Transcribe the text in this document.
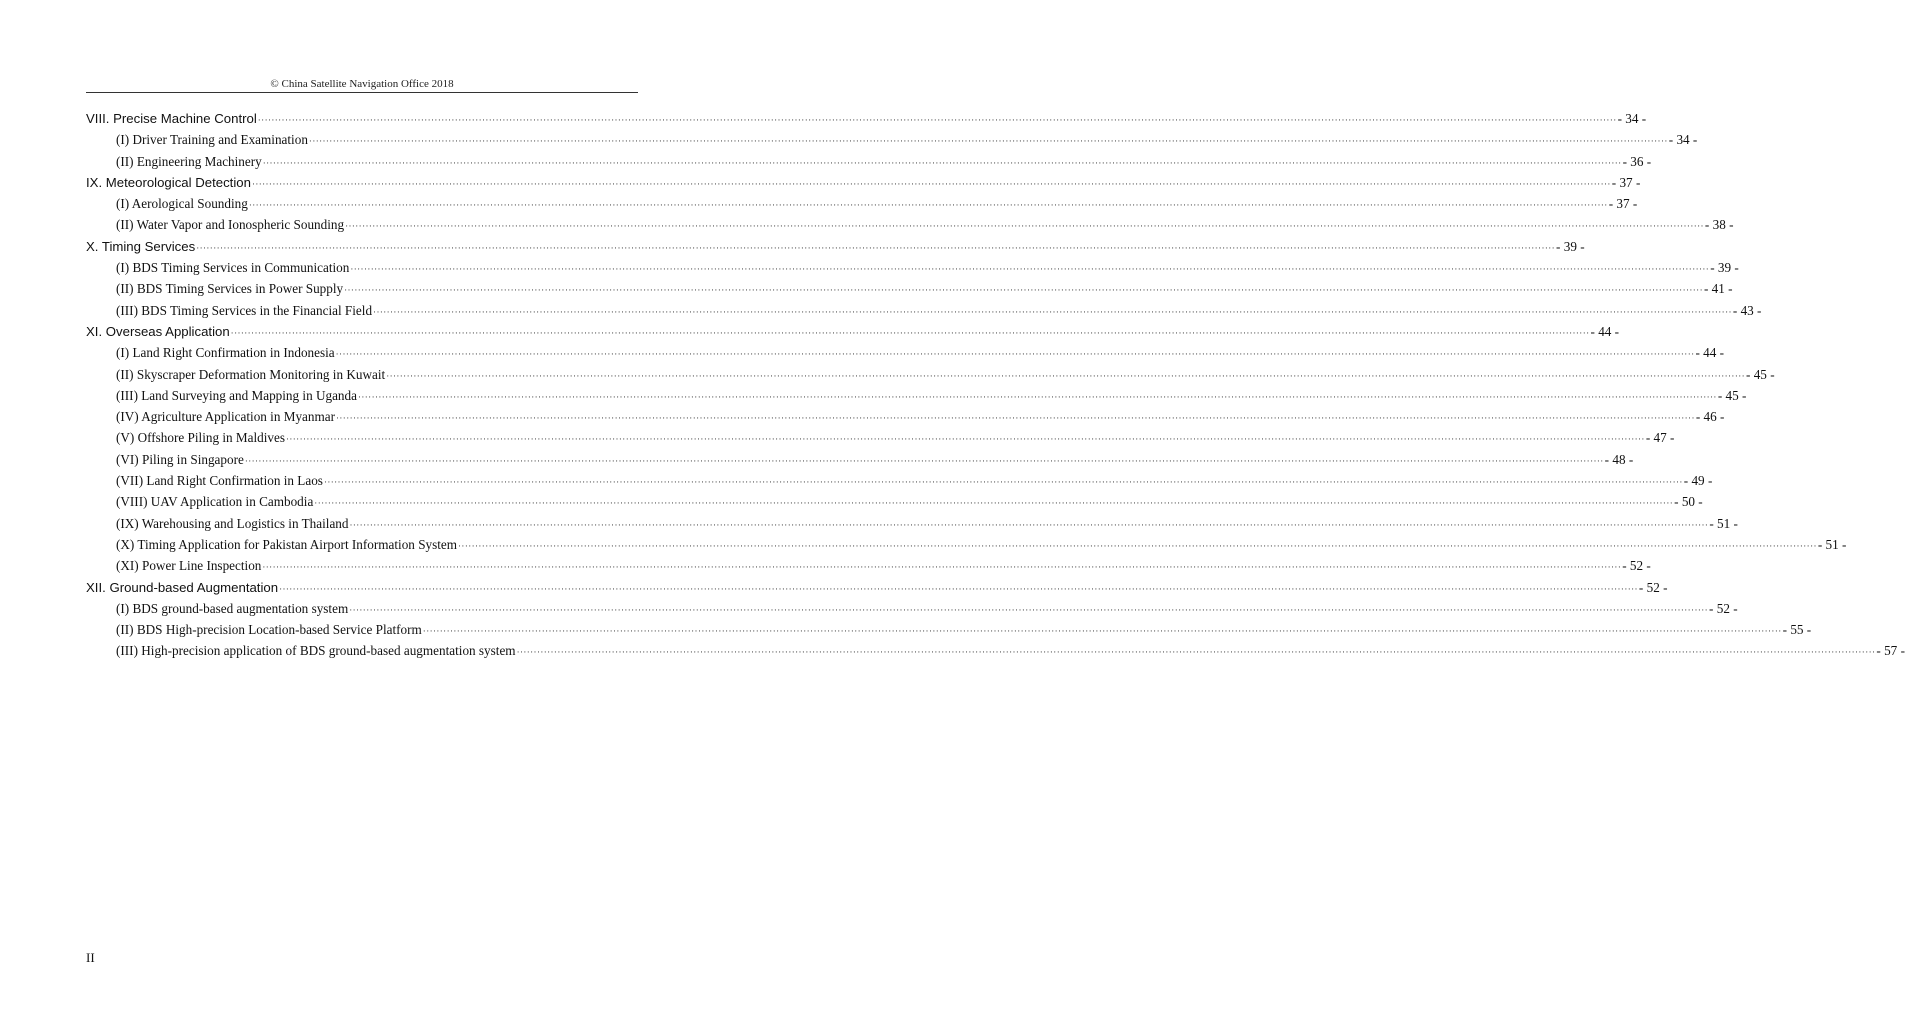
© China Satellite Navigation Office 2018
VIII. Precise Machine Control ················································································································································································································································································································································································································ - 34 -
(I) Driver Training and Examination ················································································································································································································································································································································································································ - 34 -
(II) Engineering Machinery ················································································································································································································································································································································································································ - 36 -
IX. Meteorological Detection ················································································································································································································································································································································································································ - 37 -
(I) Aerological Sounding ················································································································································································································································································································································································································ - 37 -
(II) Water Vapor and Ionospheric Sounding ················································································································································································································································································································································································································ - 38 -
X. Timing Services ················································································································································································································································································································································································································ - 39 -
(I) BDS Timing Services in Communication ················································································································································································································································································································································································································ - 39 -
(II) BDS Timing Services in Power Supply ················································································································································································································································································································································································································ - 41 -
(III) BDS Timing Services in the Financial Field ················································································································································································································································································································································································································ - 43 -
XI. Overseas Application ················································································································································································································································································································································································································ - 44 -
(I) Land Right Confirmation in Indonesia ················································································································································································································································································································································································································ - 44 -
(II) Skyscraper Deformation Monitoring in Kuwait ················································································································································································································································································································································································································ - 45 -
(III) Land Surveying and Mapping in Uganda ················································································································································································································································································································································································································ - 45 -
(IV) Agriculture Application in Myanmar ················································································································································································································································································································································································································ - 46 -
(V) Offshore Piling in Maldives ················································································································································································································································································································································································································ - 47 -
(VI) Piling in Singapore ················································································································································································································································································································································································································ - 48 -
(VII) Land Right Confirmation in Laos ················································································································································································································································································································································································································ - 49 -
(VIII) UAV Application in Cambodia ················································································································································································································································································································································································································ - 50 -
(IX) Warehousing and Logistics in Thailand ················································································································································································································································································································································································································ - 51 -
(X) Timing Application for Pakistan Airport Information System ················································································································································································································································································································································································································ - 51 -
(XI) Power Line Inspection ················································································································································································································································································································································································································ - 52 -
XII. Ground-based Augmentation ················································································································································································································································································································································································································ - 52 -
(I) BDS ground-based augmentation system ················································································································································································································································································································································································································ - 52 -
(II) BDS High-precision Location-based Service Platform ················································································································································································································································································································································································································ - 55 -
(III) High-precision application of BDS ground-based augmentation system ················································································································································································································································································································································································································ - 57 -
II
